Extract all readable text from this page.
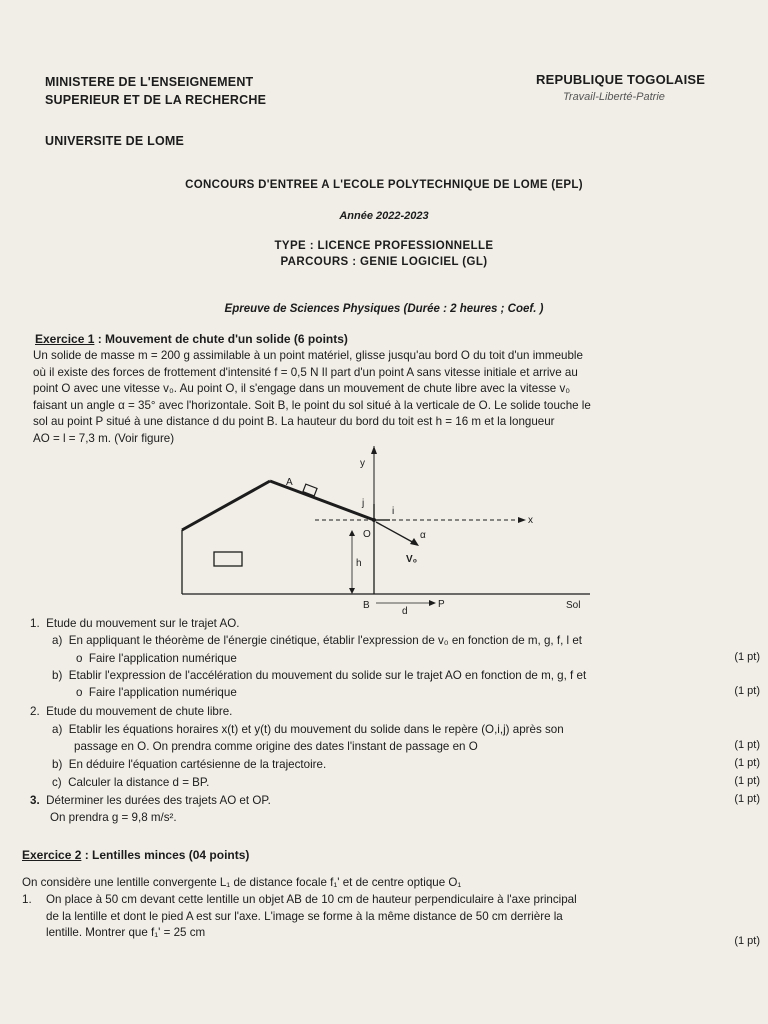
MINISTERE DE L'ENSEIGNEMENT
SUPERIEUR ET DE LA RECHERCHE
UNIVERSITE DE LOME
REPUBLIQUE TOGOLAISE
Travail-Liberté-Patrie
CONCOURS D'ENTREE A L'ECOLE POLYTECHNIQUE DE LOME (EPL)
Année 2022-2023
TYPE : LICENCE PROFESSIONNELLE
PARCOURS : GENIE LOGICIEL (GL)
Epreuve de Sciences Physiques (Durée : 2 heures ; Coef. )
Exercice 1 : Mouvement de chute d'un solide (6 points)
Un solide de masse m = 200 g assimilable à un point matériel, glisse jusqu'au bord O du toit d'un immeuble
où il existe des forces de frottement d'intensité f = 0,5 N Il part d'un point A sans vitesse initiale et arrive au
point O avec une vitesse v₀. Au point O, il s'engage dans un mouvement de chute libre avec la vitesse v₀
faisant un angle α = 35° avec l'horizontale. Soit B, le point du sol situé à la verticale de O. Le solide touche le
sol au point P situé à une distance d du point B. La hauteur du bord du toit est h = 16 m et la longueur
AO = l = 7,3 m. (Voir figure)
A
y
x
j
i
O	α
V₀
h
B	P
d
Sol
1. Etude du mouvement sur le trajet AO.
a) En appliquant le théorème de l'énergie cinétique, établir l'expression de v₀ en fonction de m, g, f, l et
o Faire l'application numérique	(1 pt)
b) Etablir l'expression de l'accélération du mouvement du solide sur le trajet AO en fonction de m, g, f et
o Faire l'application numérique	(1 pt)
2. Etude du mouvement de chute libre.
a) Etablir les équations horaires x(t) et y(t) du mouvement du solide dans le repère (O,i,j) après son
passage en O. On prendra comme origine des dates l'instant de passage en O	(1 pt)
b) En déduire l'équation cartésienne de la trajectoire.	(1 pt)
c) Calculer la distance d = BP.	(1 pt)
3. Déterminer les durées des trajets AO et OP.	(1 pt)
On prendra g = 9,8 m/s².
Exercice 2 : Lentilles minces (04 points)
On considère une lentille convergente L₁ de distance focale f₁' et de centre optique O₁
1. On place à 50 cm devant cette lentille un objet AB de 10 cm de hauteur perpendiculaire à l'axe principal
de la lentille et dont le pied A est sur l'axe. L'image se forme à la même distance de 50 cm derrière la
lentille. Montrer que f₁' = 25 cm
(1 pt)
